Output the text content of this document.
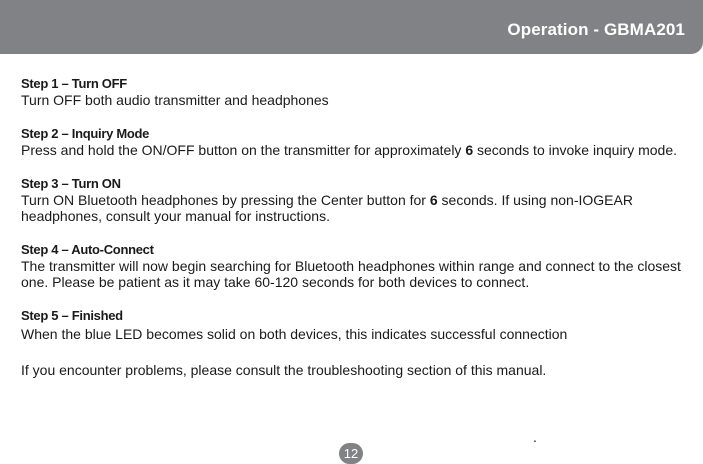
Operation - GBMA201
Step 1 – Turn OFF
Turn OFF both audio transmitter and headphones
Step 2 – Inquiry Mode
Press and hold the ON/OFF button on the transmitter for approximately 6 seconds to invoke inquiry mode.
Step 3 – Turn ON
Turn ON Bluetooth headphones by pressing the Center button for 6 seconds. If using non-IOGEAR headphones, consult your manual for instructions.
Step 4 – Auto-Connect
The transmitter will now begin searching for Bluetooth headphones within range and connect to the closest one. Please be patient as it may take 60-120 seconds for both devices to connect.
Step 5 – Finished
When the blue LED becomes solid on both devices, this indicates successful connection
If you encounter problems, please consult the troubleshooting section of this manual.
.
12
